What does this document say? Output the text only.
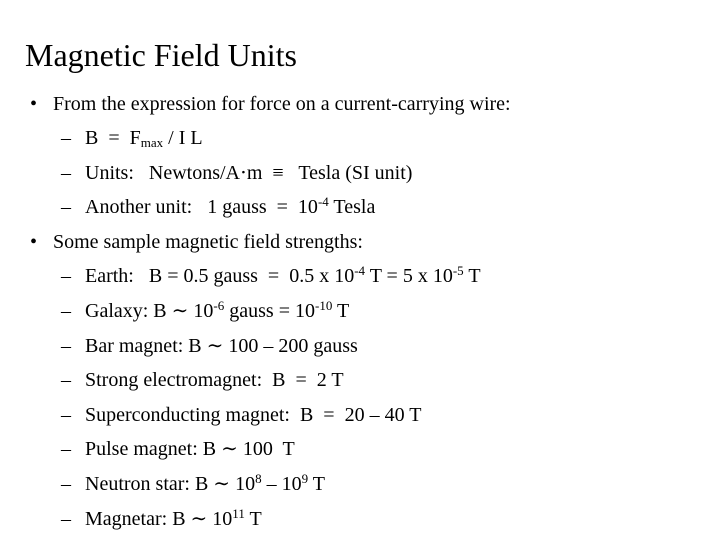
Magnetic Field Units
• From the expression for force on a current-carrying wire:
– $B = F_{max} / I$ L
– Units:   Newtons/A⋅m  ≡   Tesla (SI unit)
– Another unit:   1 gauss  =  $10^{-4}$ Tesla
• Some sample magnetic field strengths:
– Earth:   B = 0.5 gauss  =  0.5 x $10^{-4}$ T = 5 x $10^{-5}$ T
– Galaxy: B ∼ $10^{-6}$ gauss = $10^{-10}$ T
– Bar magnet: B ∼ 100 – 200 gauss
– Strong electromagnet:  B  =  2 T
– Superconducting magnet:  B  =  20 – 40 T
– Pulse magnet: B ∼ 100  T
– Neutron star: B ∼ $10^8 - 10^9$ T
– Magnetar: B ∼ $10^{11}$ T
